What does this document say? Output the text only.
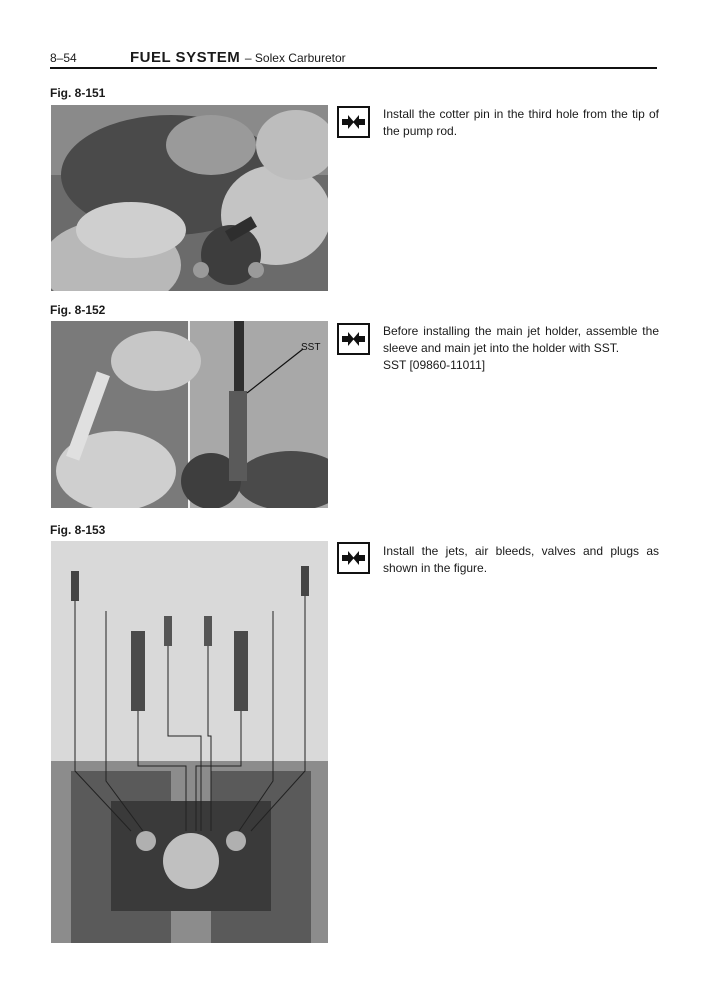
8–54	FUEL SYSTEM – Solex Carburetor
Fig. 8-151

Install the cotter pin in the third hole from the tip of the pump rod.

Fig. 8-152
SST

Before installing the main jet holder, assemble the sleeve and main jet into the holder with SST.

SST [09860-11011]

Fig. 8-153

Install the jets, air bleeds, valves and plugs as shown in the figure.
